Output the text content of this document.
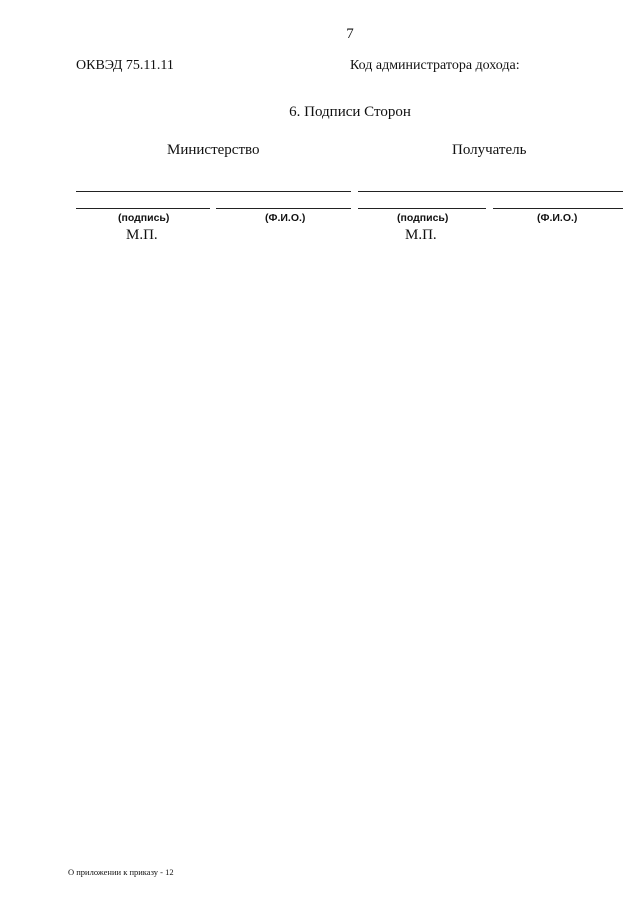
7
ОКВЭД 75.11.11	Код администратора дохода:
6. Подписи Сторон
Министерство	Получатель
(подпись)	(Ф.И.О.)	(подпись)	(Ф.И.О.)
М.П.	М.П.
О приложении к приказу - 12
